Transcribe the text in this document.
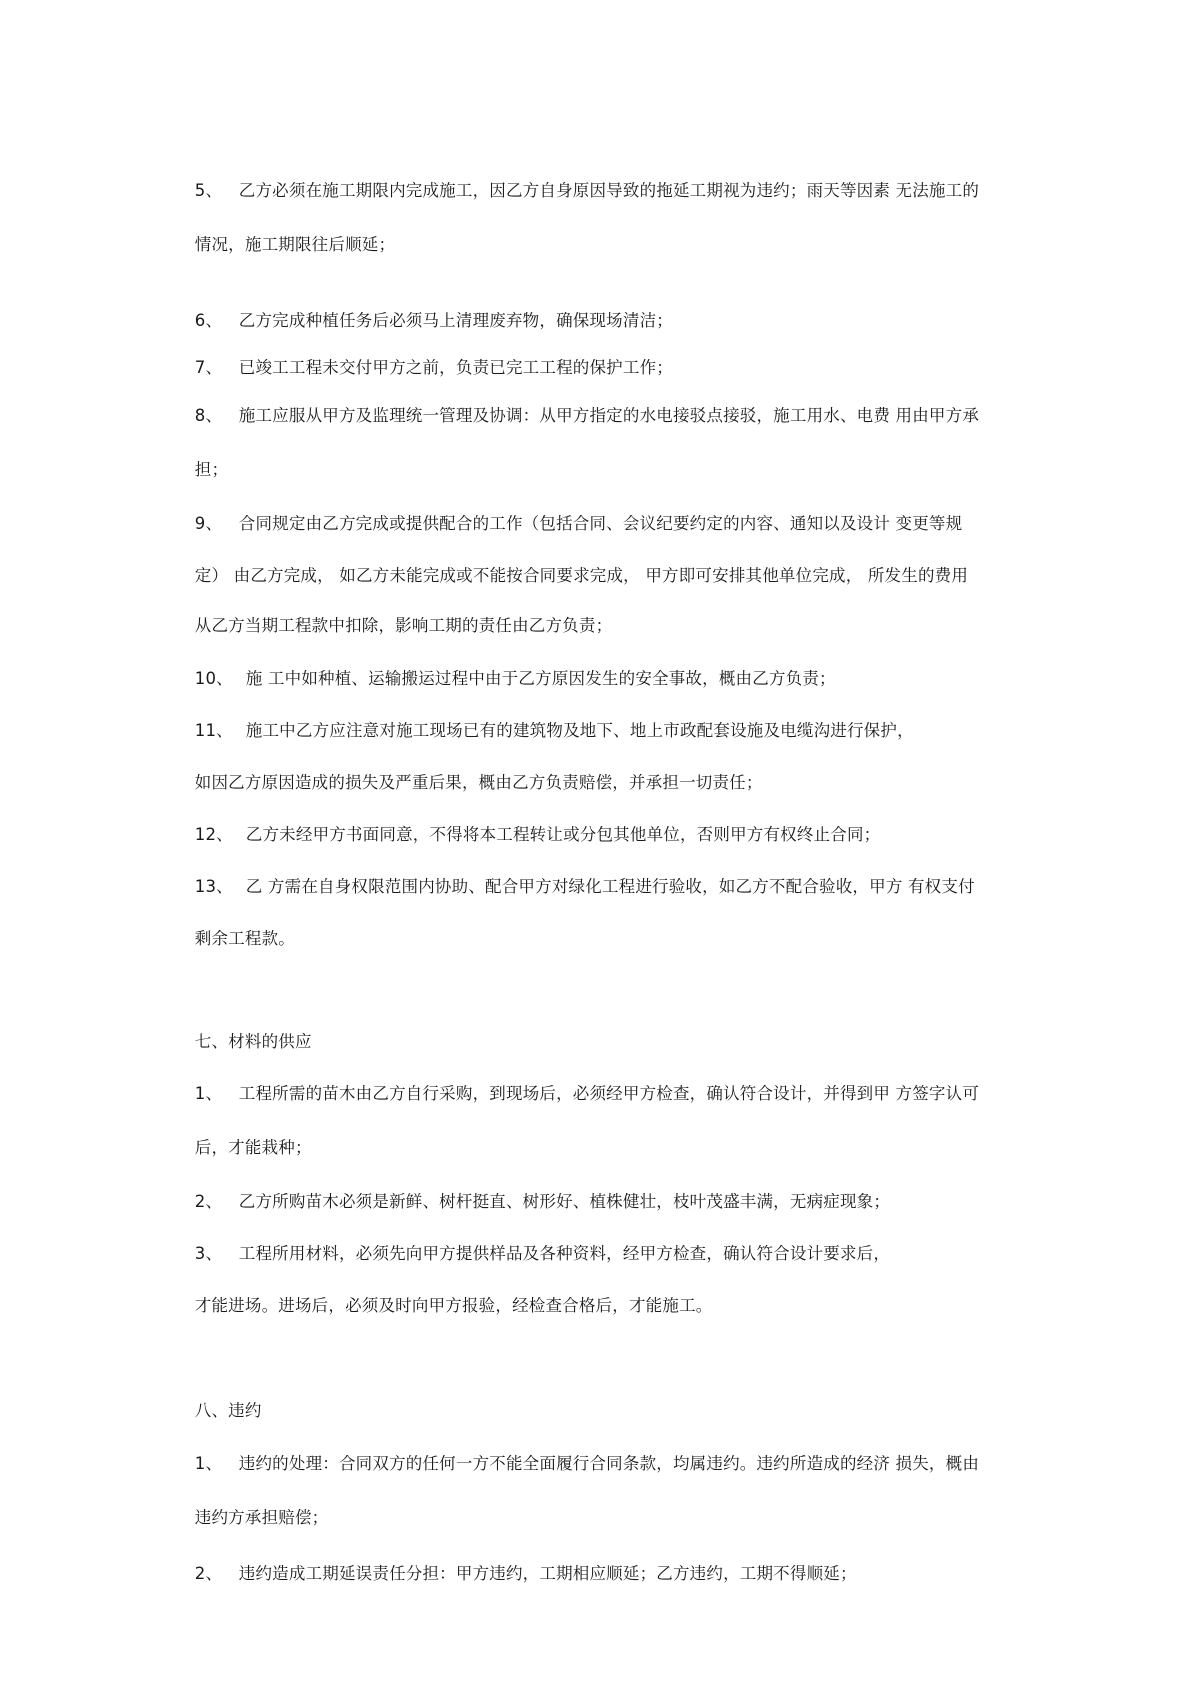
5、 乙方必须在施工期限内完成施工，因乙方自身原因导致的拖延工期视为违约；雨天等因素 无法施工的

情况，施工期限往后顺延；

6、 乙方完成种植任务后必须马上清理废弃物，确保现场清洁；

7、 已竣工工程未交付甲方之前，负责已完工工程的保护工作；

8、 施工应服从甲方及监理统一管理及协调：从甲方指定的水电接驳点接驳，施工用水、电费 用由甲方承

担；

9、 合同规定由乙方完成或提供配合的工作（包括合同、会议纪要约定的内容、通知以及设计 变更等规

定） 由乙方完成， 如乙方未能完成或不能按合同要求完成， 甲方即可安排其他单位完成， 所发生的费用

从乙方当期工程款中扣除，影响工期的责任由乙方负责；

10、 施 工中如种植、运输搬运过程中由于乙方原因发生的安全事故，概由乙方负责；

11、 施工中乙方应注意对施工现场已有的建筑物及地下、地上市政配套设施及电缆沟进行保护，

如因乙方原因造成的损失及严重后果，概由乙方负责赔偿，并承担一切责任；

12、 乙方未经甲方书面同意，不得将本工程转让或分包其他单位，否则甲方有权终止合同；

13、 乙 方需在自身权限范围内协助、配合甲方对绿化工程进行验收，如乙方不配合验收，甲方 有权支付

剩余工程款。

七、材料的供应

1、 工程所需的苗木由乙方自行采购，到现场后，必须经甲方检查，确认符合设计，并得到甲 方签字认可

后，才能栽种；

2、 乙方所购苗木必须是新鲜、树杆挺直、树形好、植株健壮，枝叶茂盛丰满，无病症现象；

3、 工程所用材料，必须先向甲方提供样品及各种资料，经甲方检查，确认符合设计要求后，

才能进场。进场后，必须及时向甲方报验，经检查合格后，才能施工。

八、违约

1、 违约的处理：合同双方的任何一方不能全面履行合同条款，均属违约。违约所造成的经济 损失，概由

违约方承担赔偿；

2、 违约造成工期延误责任分担：甲方违约，工期相应顺延；乙方违约，工期不得顺延；
